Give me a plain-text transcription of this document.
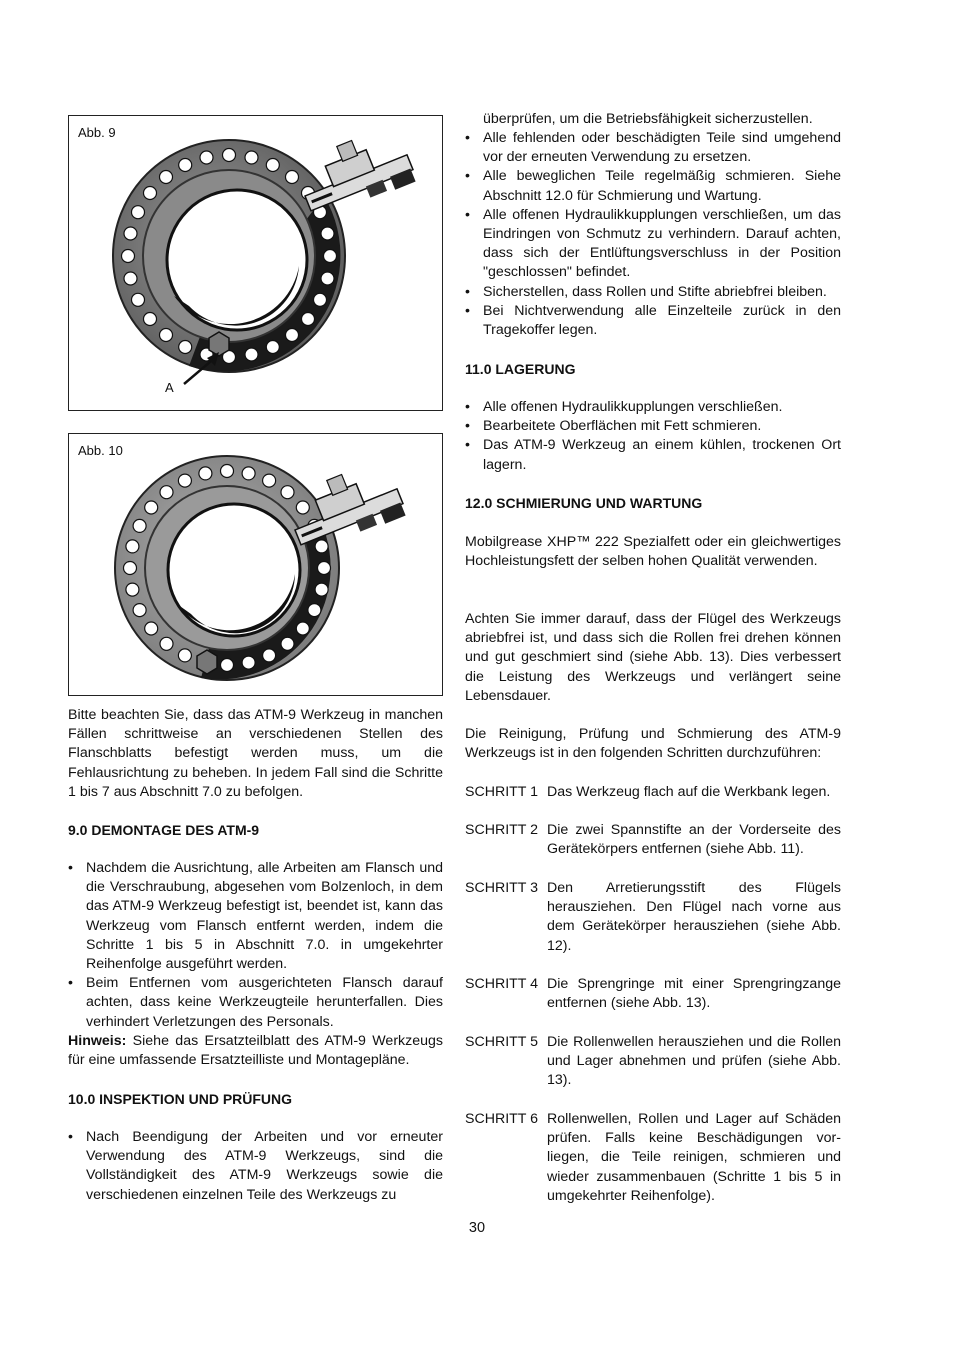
Abb. 9
A
Abb. 10
Bitte beachten Sie, dass das ATM-9 Werkzeug in manchen Fällen schrittweise an verschiedenen Stellen des Flanschblatts befestigt werden muss, um die Fehlausrichtung zu beheben. In jedem Fall sind die Schritte 1 bis 7 aus Abschnitt 7.0 zu befolgen.
9.0 DEMONTAGE DES ATM-9
• Nachdem die Ausrichtung, alle Arbeiten am Flansch und die Verschraubung, abgesehen vom Bolzenloch, in dem das ATM-9 Werkzeug befestigt ist, beendet ist, kann das Werkzeug vom Flansch entfernt werden, indem die Schritte 1 bis 5 in Abschnitt 7.0. in umgekehrter Reihenfolge ausgeführt werden.
• Beim Entfernen vom ausgerichteten Flansch darauf achten, dass keine Werkzeugteile herunterfallen. Dies verhindert Verletzungen des Personals.
Hinweis: Siehe das Ersatzteilblatt des ATM-9 Werkzeugs für eine umfassende Ersatzteilliste und Montagepläne.
10.0 INSPEKTION UND PRÜFUNG
• Nach Beendigung der Arbeiten und vor erneuter Verwendung des ATM-9 Werkzeugs, sind die Vollständigkeit des ATM-9 Werkzeugs sowie die verschiedenen einzelnen Teile des Werkzeugs zu
überprüfen, um die Betriebsfähigkeit sicherzustellen.
• Alle fehlenden oder beschädigten Teile sind umgehend vor der erneuten Verwendung zu ersetzen.
• Alle beweglichen Teile regelmäßig schmieren. Siehe Abschnitt 12.0 für Schmierung und Wartung.
• Alle offenen Hydraulikkupplungen verschließen, um das Eindringen von Schmutz zu verhindern. Darauf achten, dass sich der Entlüftungsverschluss in der Position "geschlossen" befindet.
• Sicherstellen, dass Rollen und Stifte abriebfrei bleiben.
• Bei Nichtverwendung alle Einzelteile zurück in den Tragekoffer legen.
11.0 LAGERUNG
• Alle offenen Hydraulikkupplungen verschließen.
• Bearbeitete Oberflächen mit Fett schmieren.
• Das ATM-9 Werkzeug an einem kühlen, trockenen Ort lagern.
12.0 SCHMIERUNG UND WARTUNG
Mobilgrease XHP™ 222 Spezialfett oder ein gleichwertiges Hochleistungsfett der selben hohen Qualität verwenden.
Achten Sie immer darauf, dass der Flügel des Werkzeugs abriebfrei ist, und dass sich die Rollen frei drehen können und gut geschmiert sind (siehe Abb. 13). Dies verbessert die Leistung des Werkzeugs und verlängert seine Lebensdauer.
Die Reinigung, Prüfung und Schmierung des ATM-9 Werkzeugs ist in den folgenden Schritten durchzuführen:
SCHRITT 1 Das Werkzeug flach auf die Werkbank legen.
SCHRITT 2 Die zwei Spannstifte an der Vorderseite des Gerätekörpers entfernen (siehe Abb. 11).
SCHRITT 3 Den Arretierungsstift des Flügels herausziehen. Den Flügel nach vorne aus dem Gerätekörper herausziehen (siehe Abb. 12).
SCHRITT 4 Die Sprengringe mit einer Sprengringzange entfernen (siehe Abb. 13).
SCHRITT 5 Die Rollenwellen herausziehen und die Rollen und Lager abnehmen und prüfen (siehe Abb. 13).
SCHRITT 6 Rollenwellen, Rollen und Lager auf Schäden prüfen. Falls keine Beschädigungen vor-liegen, die Teile reinigen, schmieren und wieder zusammenbauen (Schritte 1 bis 5 in umgekehrter Reihenfolge).
30
